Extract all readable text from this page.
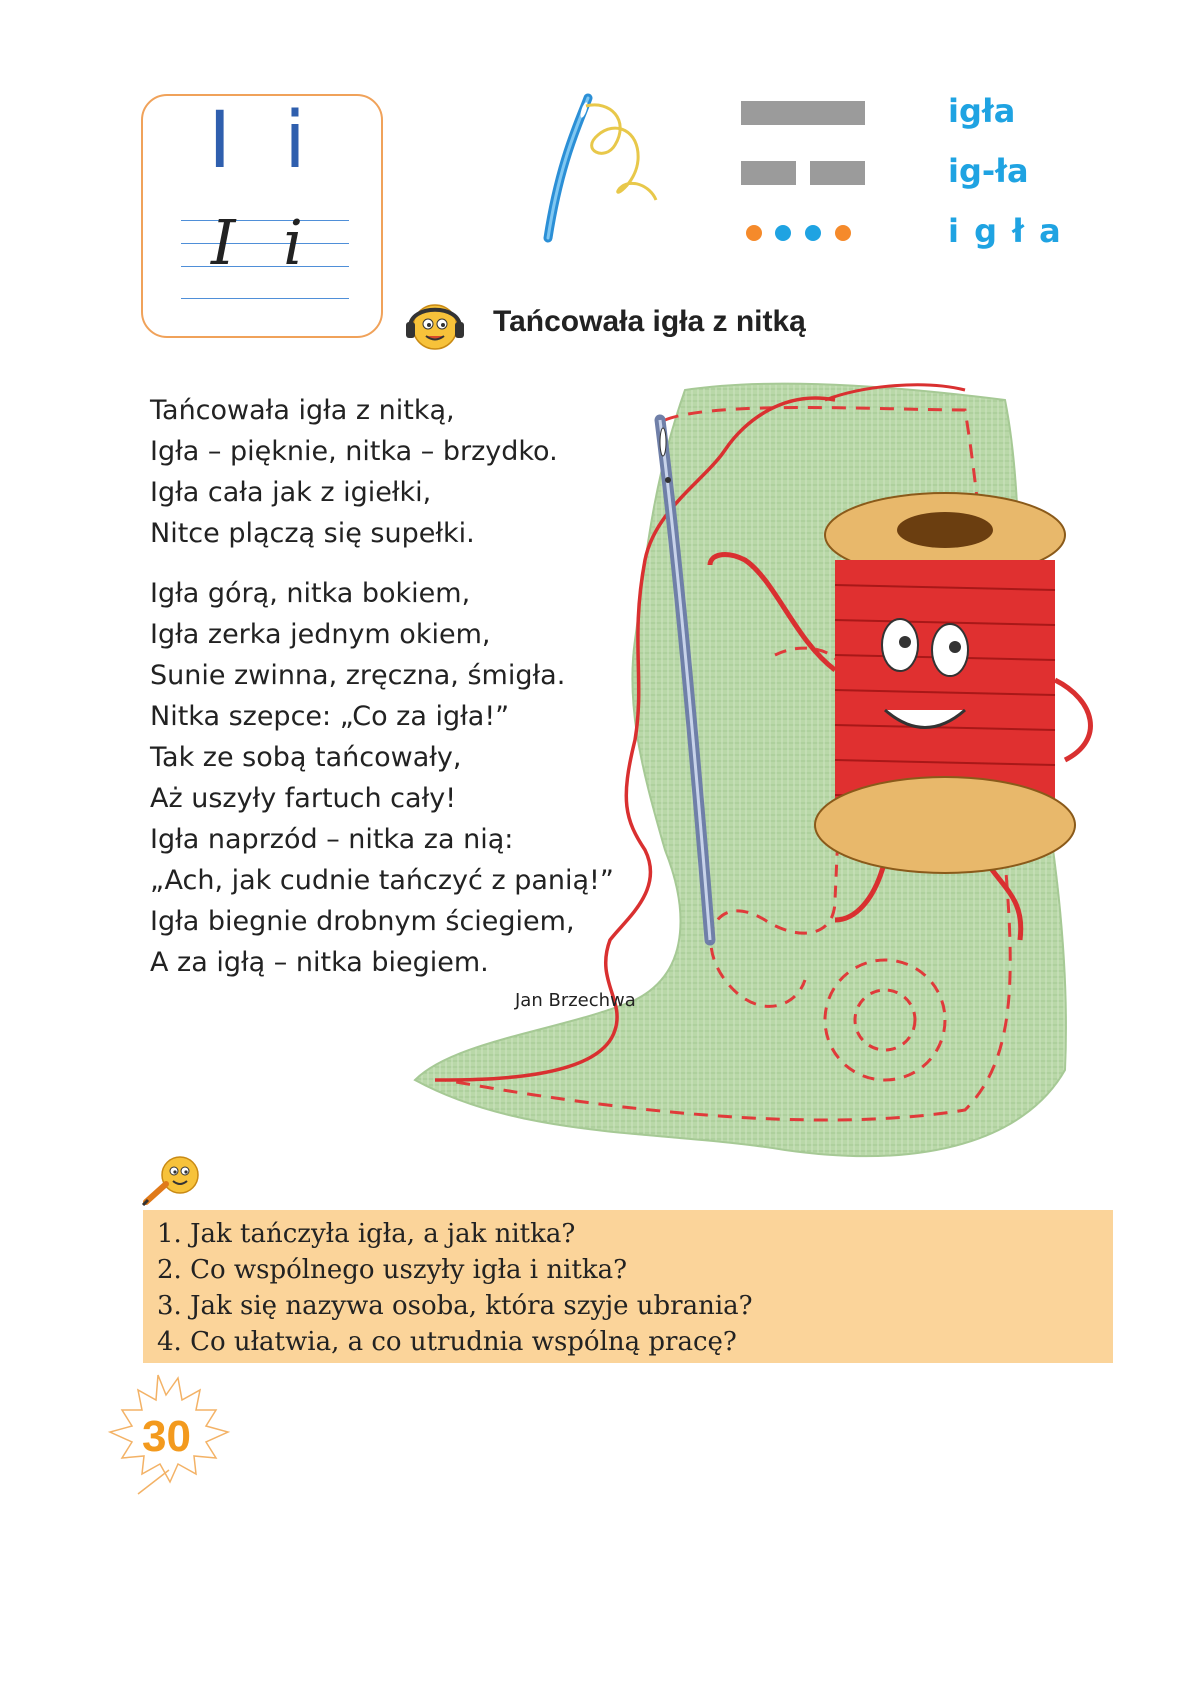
I i
I i
igła
ig-ła
i g ł a
Tańcowała igła z nitką
Tańcowała igła z nitką,
Igła – pięknie, nitka – brzydko.
Igła cała jak z igiełki,
Nitce plączą się supełki.
Igła górą, nitka bokiem,
Igła zerka jednym okiem,
Sunie zwinna, zręczna, śmigła.
Nitka szepce: „Co za igła!”
Tak ze sobą tańcowały,
Aż uszyły fartuch cały!
Igła naprzód – nitka za nią:
„Ach, jak cudnie tańczyć z panią!”
Igła biegnie drobnym ściegiem,
A za igłą – nitka biegiem.
Jan Brzechwa
1. Jak tańczyła igła, a jak nitka?
2. Co wspólnego uszyły igła i nitka?
3. Jak się nazywa osoba, która szyje ubrania?
4. Co ułatwia, a co utrudnia wspólną pracę?
30
